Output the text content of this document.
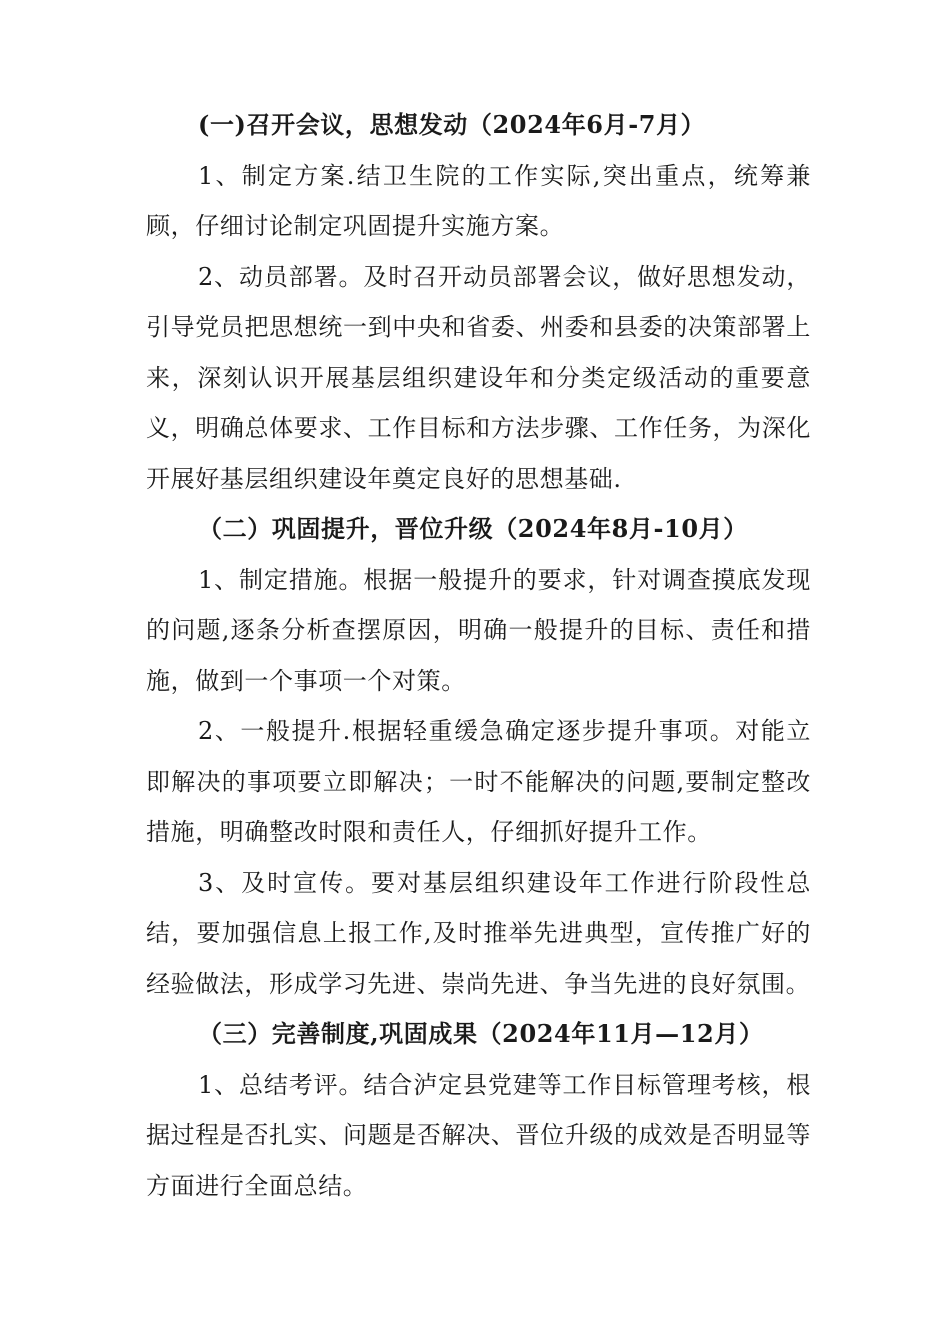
(一)召开会议，思想发动（2024年6月-7月）
1、制定方案.结卫生院的工作实际,突出重点，统筹兼顾，仔细讨论制定巩固提升实施方案。
2、动员部署。及时召开动员部署会议，做好思想发动，引导党员把思想统一到中央和省委、州委和县委的决策部署上来，深刻认识开展基层组织建设年和分类定级活动的重要意义，明确总体要求、工作目标和方法步骤、工作任务，为深化开展好基层组织建设年奠定良好的思想基础.
（二）巩固提升，晋位升级（2024年8月-10月）
1、制定措施。根据一般提升的要求，针对调查摸底发现的问题,逐条分析查摆原因，明确一般提升的目标、责任和措施，做到一个事项一个对策。
2、一般提升.根据轻重缓急确定逐步提升事项。对能立即解决的事项要立即解决；一时不能解决的问题,要制定整改措施，明确整改时限和责任人，仔细抓好提升工作。
3、及时宣传。要对基层组织建设年工作进行阶段性总结，要加强信息上报工作,及时推举先进典型，宣传推广好的经验做法，形成学习先进、崇尚先进、争当先进的良好氛围。
（三）完善制度,巩固成果（2024年11月—12月）
1、总结考评。结合泸定县党建等工作目标管理考核，根据过程是否扎实、问题是否解决、晋位升级的成效是否明显等方面进行全面总结。
